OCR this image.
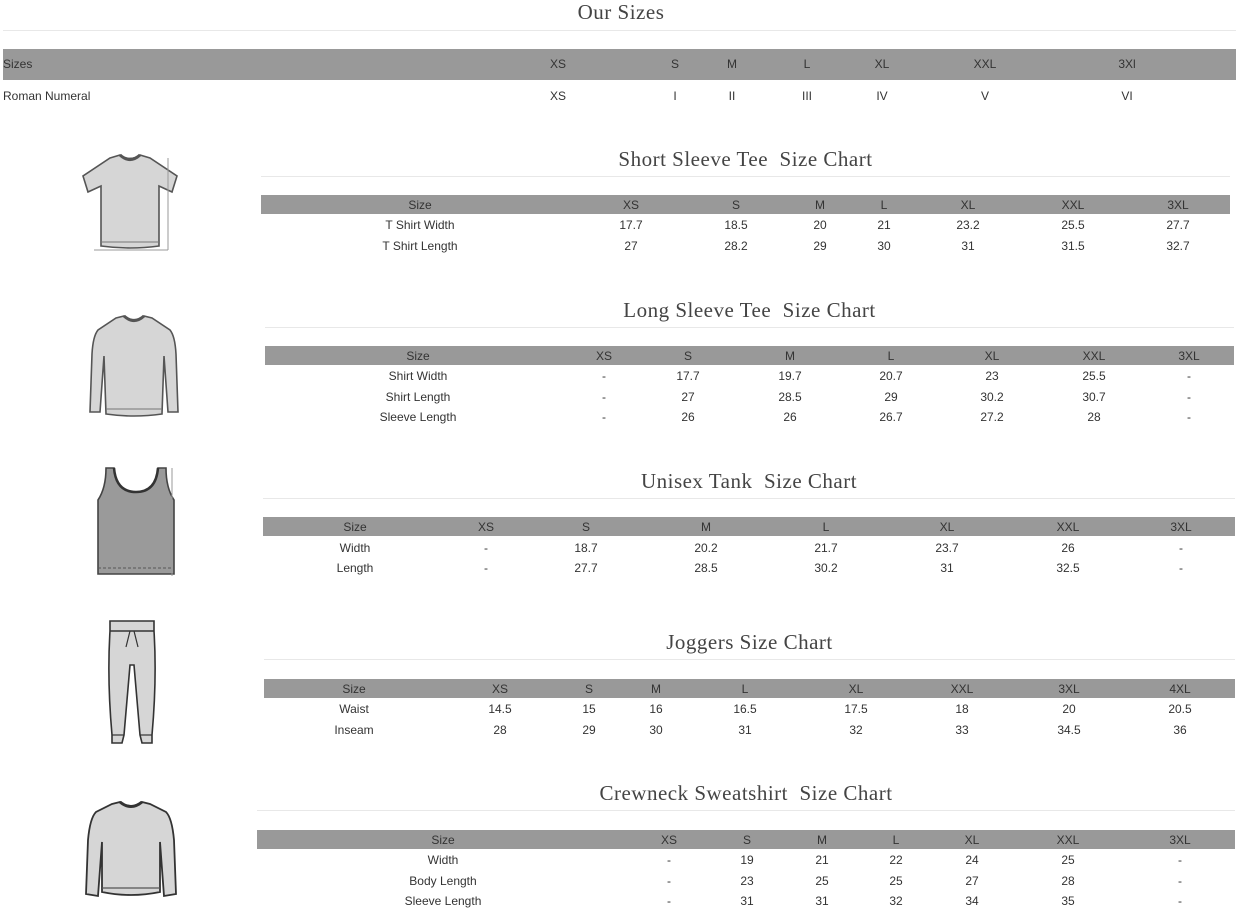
Our Sizes
Sizes	XS	S	M	L	XL	XXL	3Xl
Roman Numeral	XS	I	II	III	IV	V	VI
Short Sleeve Tee  Size Chart
Size	XS	S	M	L	XL	XXL	3XL
T Shirt Width	17.7	18.5	20	21	23.2	25.5	27.7
T Shirt Length	27	28.2	29	30	31	31.5	32.7
Long Sleeve Tee  Size Chart
Size	XS	S	M	L	XL	XXL	3XL
Shirt Width	-	17.7	19.7	20.7	23	25.5	-
Shirt Length	-	27	28.5	29	30.2	30.7	-
Sleeve Length	-	26	26	26.7	27.2	28	-
Unisex Tank  Size Chart
Size	XS	S	M	L	XL	XXL	3XL
Width	-	18.7	20.2	21.7	23.7	26	-
Length	-	27.7	28.5	30.2	31	32.5	-
Joggers Size Chart
Size	XS	S	M	L	XL	XXL	3XL	4XL
Waist	14.5	15	16	16.5	17.5	18	20	20.5
Inseam	28	29	30	31	32	33	34.5	36
Crewneck Sweatshirt  Size Chart
Size	XS	S	M	L	XL	XXL	3XL
Width	-	19	21	22	24	25	-
Body Length	-	23	25	25	27	28	-
Sleeve Length	-	31	31	32	34	35	-
